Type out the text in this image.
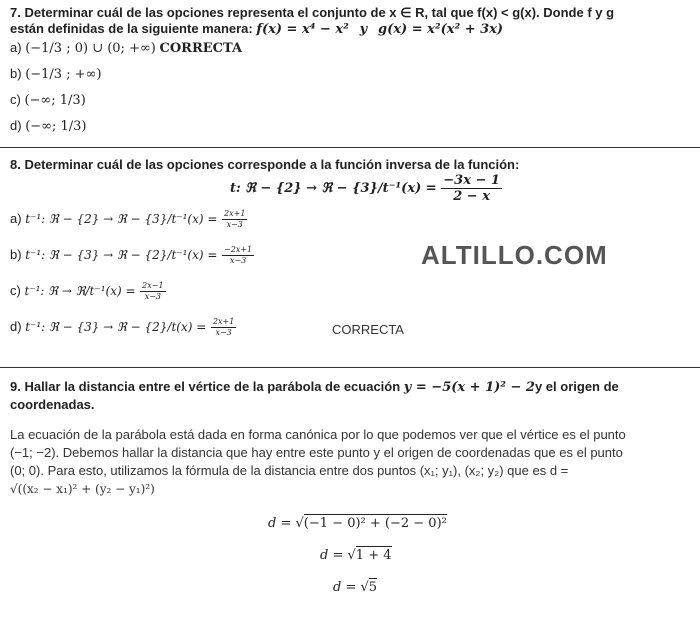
7. Determinar cuál de las opciones representa el conjunto de x ∈ R, tal que f(x) < g(x). Donde f y g
están definidas de la siguiente manera: f(x) = x⁴ − x² y g(x) = x²(x² + 3x)
a) (−1/3 ; 0) ∪ (0; +∞) CORRECTA
b) (−1/3 ; +∞)
c) (−∞; 1/3)
d) (−∞; 1/3)
8. Determinar cuál de las opciones corresponde a la función inversa de la función:
t: ℜ − {2} → ℜ − $\{3\}/t^{-1}(x) = \frac{-3x - 1}{2 - x}$
a) t⁻¹: ℜ − {2} → ℜ − $\{3\}/t^{-1}(x) = \frac{2x+1}{x-3}$
b) t⁻¹: ℜ − {3} → ℜ − $\{2\}/t^{-1}(x) = \frac{-2x+1}{x-3}$
c) t⁻¹: ℜ → ℜ/t⁻¹(x) = $\frac{2x-1}{x-3}$
d) t⁻¹: ℜ − {3} → ℜ − $\{2\}/t(x) = \frac{2x+1}{x-3}$	CORRECTA
ALTILLO.COM
9. Hallar la distancia entre el vértice de la parábola de ecuación y = −5(x + 1)² − 2y el origen de
coordenadas.
La ecuación de la parábola está dada en forma canónica por lo que podemos ver que el vértice es el punto
(−1; −2). Debemos hallar la distancia que hay entre este punto y el origen de coordenadas que es el punto
(0; 0). Para esto, utilizamos la fórmula de la distancia entre dos puntos (x₁; y₁), (x₂; y₂) que es d =
√((x₂ − x₁)² + (y₂ − y₁)²)
d = √(−1 − 0)² + (−2 − 0)²
d = √1 + 4
d = √5
